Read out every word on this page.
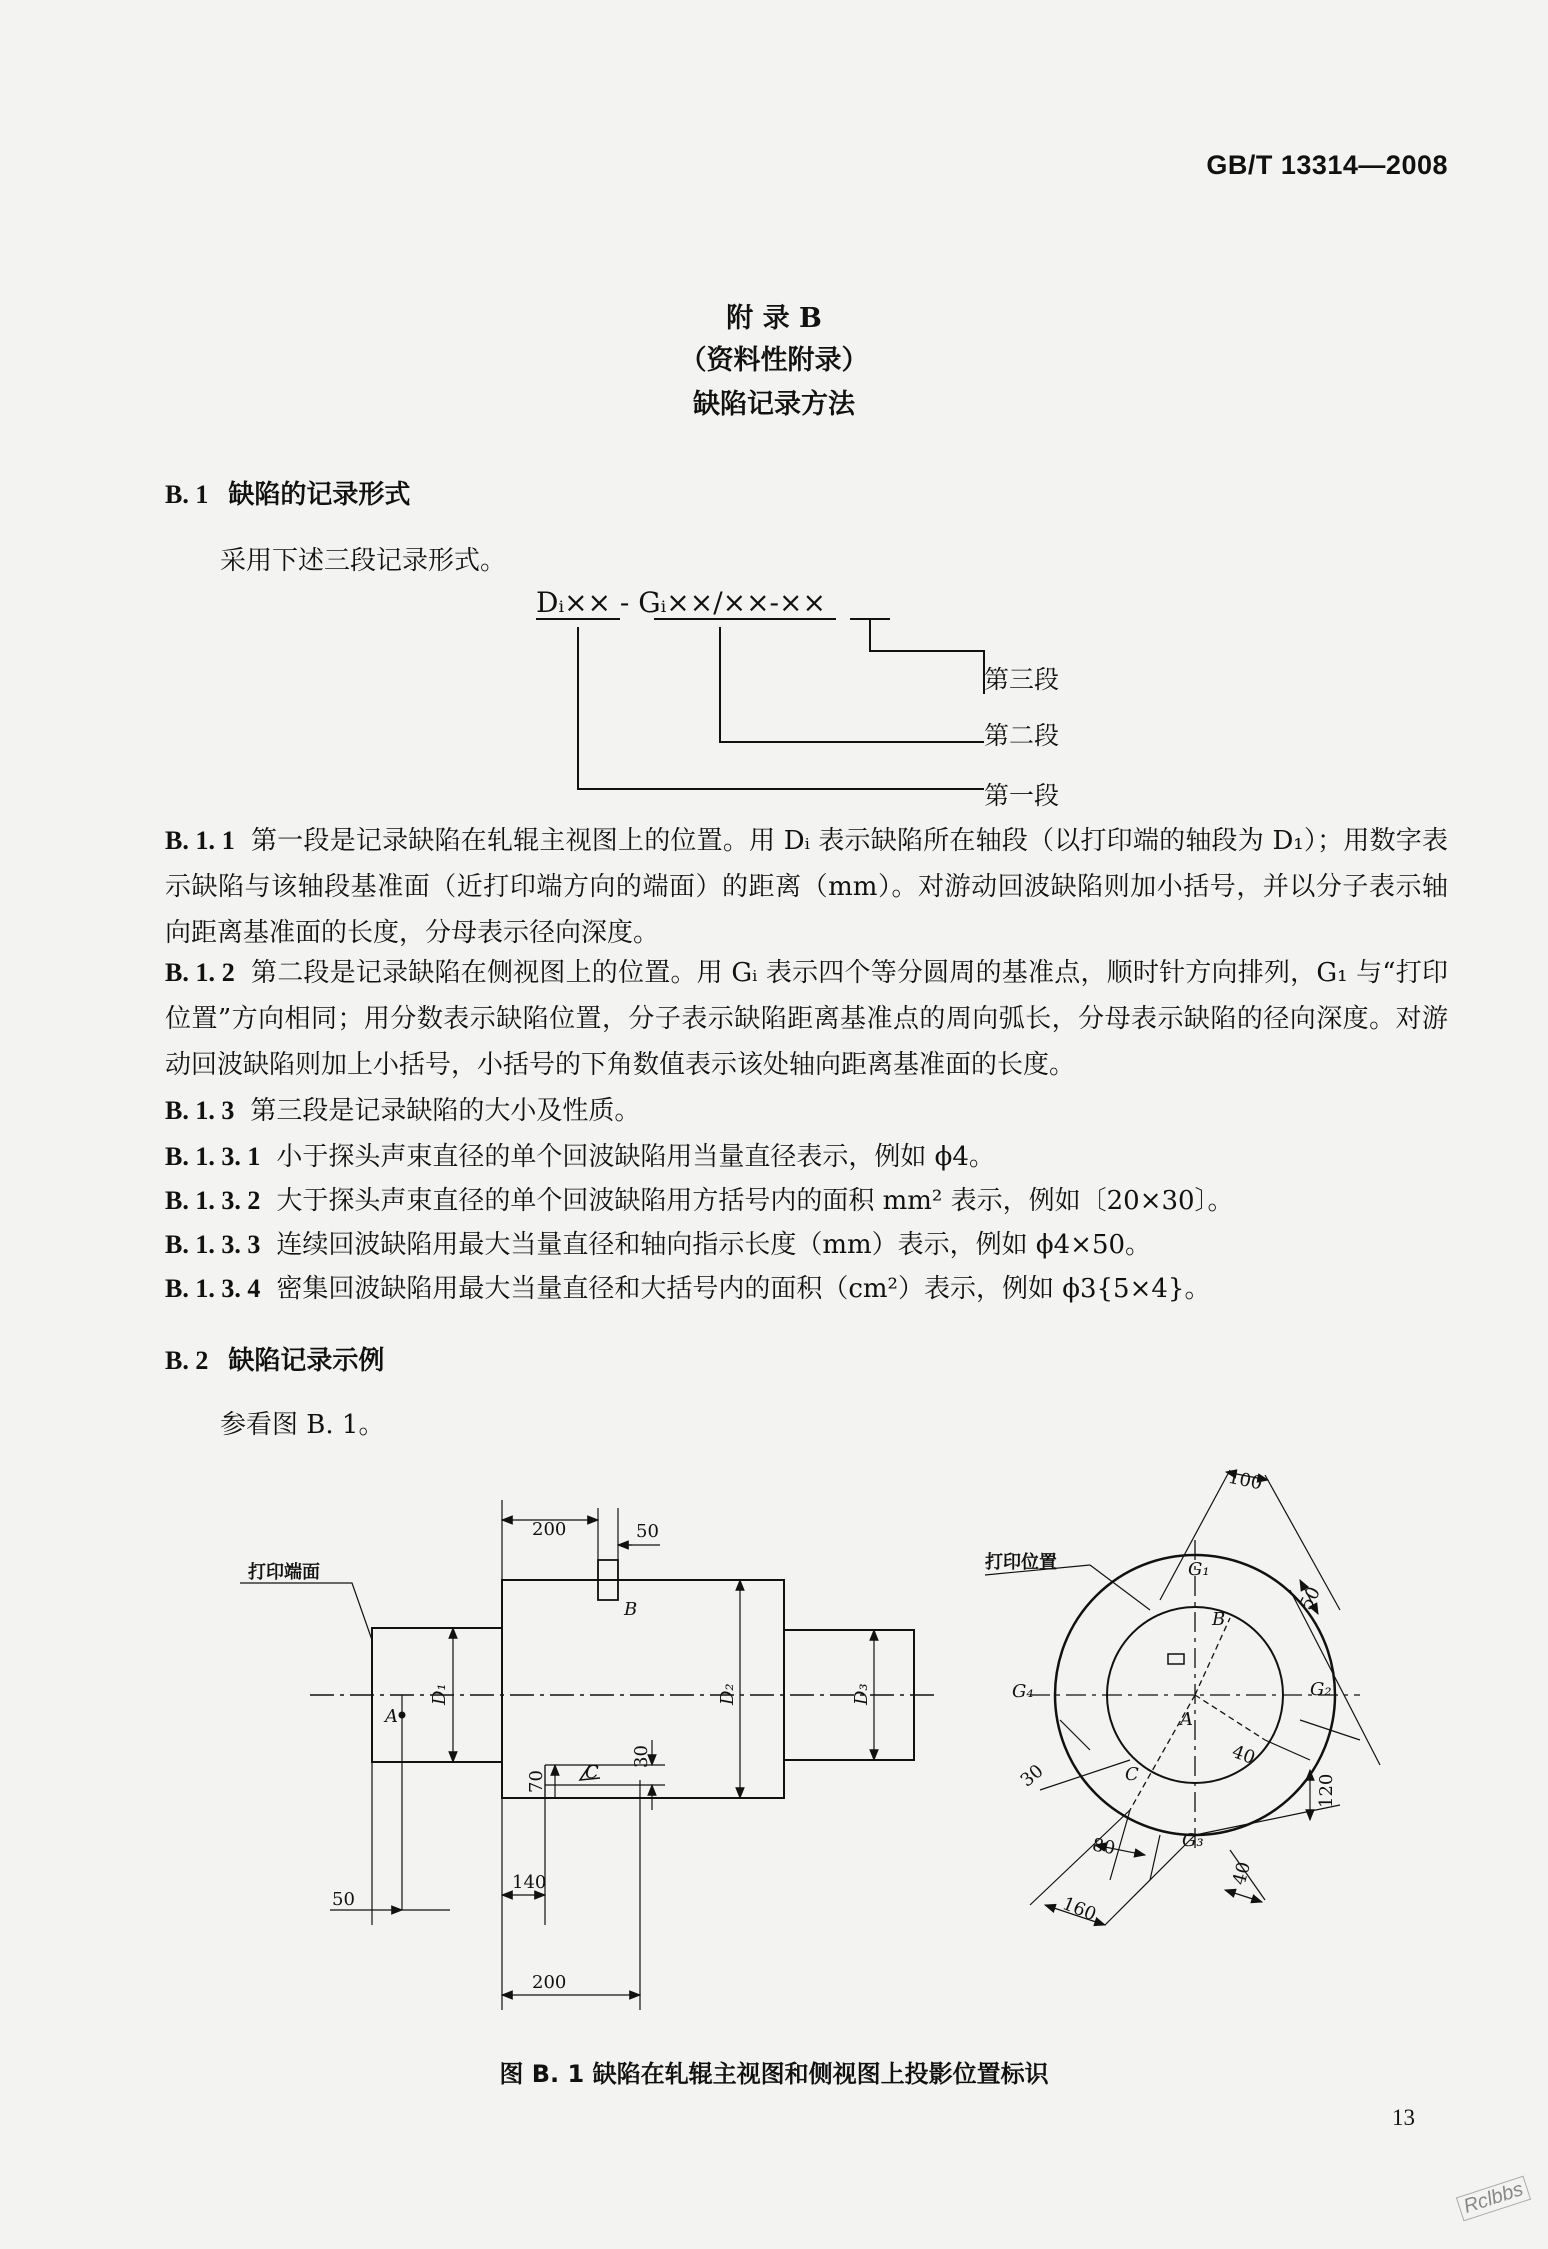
GB/T 13314—2008
附 录 B
（资料性附录）
缺陷记录方法
B. 1 缺陷的记录形式
采用下述三段记录形式。
Dᵢ×× - Gᵢ××/××-××
第三段
第二段
第一段
B. 1. 1 第一段是记录缺陷在轧辊主视图上的位置。用 Dᵢ 表示缺陷所在轴段（以打印端的轴段为 D₁）；用数字表示缺陷与该轴段基准面（近打印端方向的端面）的距离（mm）。对游动回波缺陷则加小括号，并以分子表示轴向距离基准面的长度，分母表示径向深度。
B. 1. 2 第二段是记录缺陷在侧视图上的位置。用 Gᵢ 表示四个等分圆周的基准点，顺时针方向排列，G₁ 与“打印位置”方向相同；用分数表示缺陷位置，分子表示缺陷距离基准点的周向弧长，分母表示缺陷的径向深度。对游动回波缺陷则加上小括号，小括号的下角数值表示该处轴向距离基准面的长度。
B. 1. 3 第三段是记录缺陷的大小及性质。
B. 1. 3. 1 小于探头声束直径的单个回波缺陷用当量直径表示，例如 ϕ4。
B. 1. 3. 2 大于探头声束直径的单个回波缺陷用方括号内的面积 mm² 表示，例如〔20×30〕。
B. 1. 3. 3 连续回波缺陷用最大当量直径和轴向指示长度（mm）表示，例如 ϕ4×50。
B. 1. 3. 4 密集回波缺陷用最大当量直径和大括号内的面积（cm²）表示，例如 ϕ3{5×4}。
B. 2 缺陷记录示例
参看图 B. 1。
打印端面
200	50
B
A
C
D₁	D₂	D₃
30
70
50
140
200
打印位置	G₁
G₂
G₃
G₄
B
A
C
100
50
40
30	120
80
40
160
图 B. 1 缺陷在轧辊主视图和侧视图上投影位置标识
13
Rclbbs
